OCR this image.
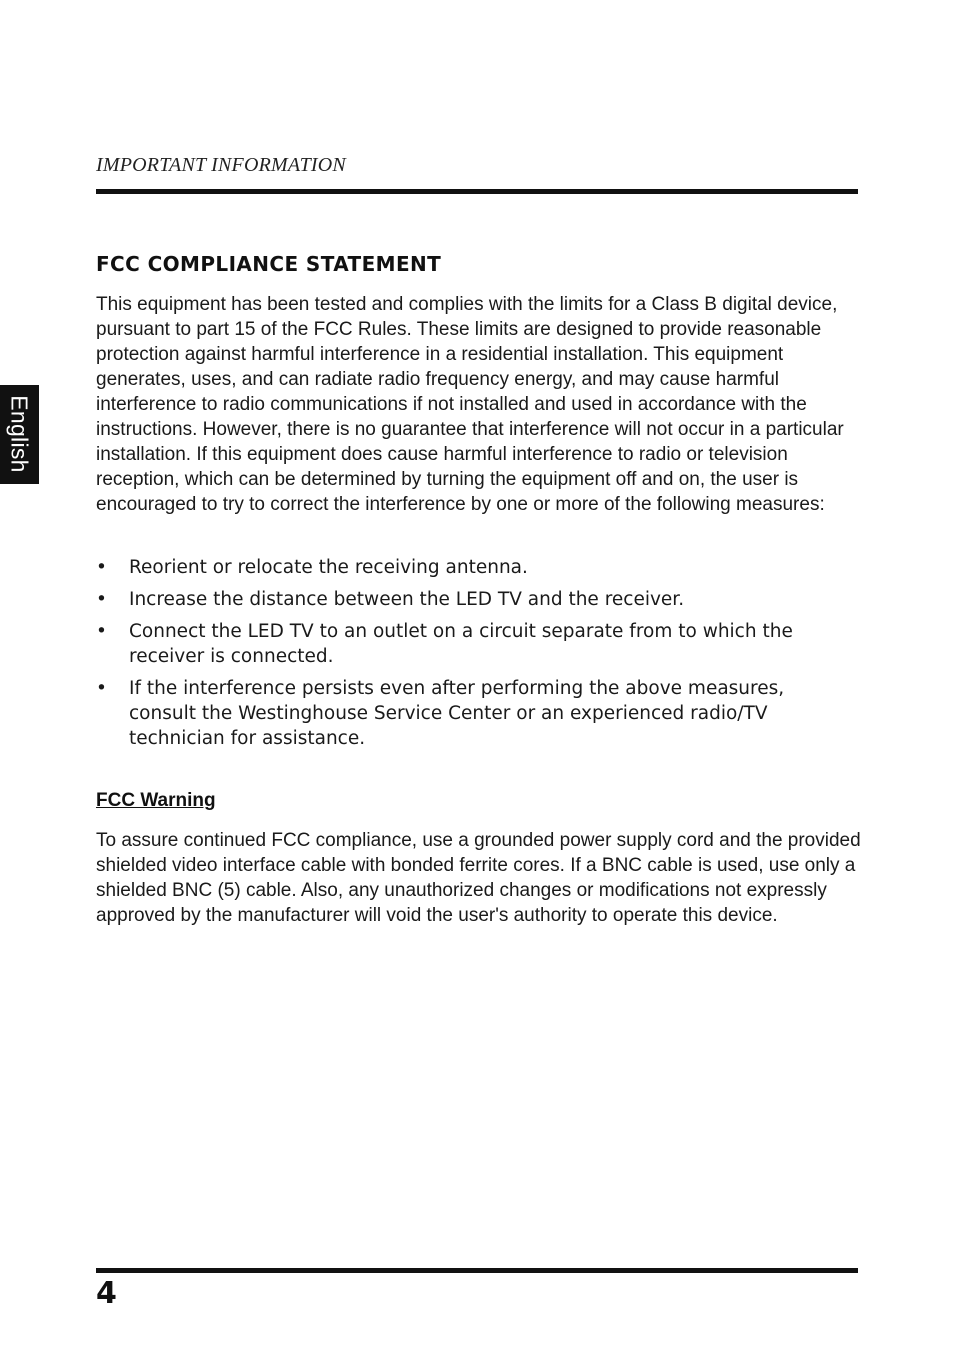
IMPORTANT INFORMATION
English
FCC COMPLIANCE STATEMENT

This equipment has been tested and complies with the limits for a Class B digital device, pursuant to part 15 of the FCC Rules. These limits are designed to provide reasonable protection against harmful interference in a residential installation. This equipment generates, uses, and can radiate radio frequency energy, and may cause harmful interference to radio communications if not installed and used in accordance with the instructions. However, there is no guarantee that interference will not occur in a particular installation. If this equipment does cause harmful interference to radio or television reception, which can be determined by turning the equipment off and on, the user is encouraged to try to correct the interference by one or more of the following measures:

• Reorient or relocate the receiving antenna.
• Increase the distance between the LED TV and the receiver.
• Connect the LED TV to an outlet on a circuit separate from to which the receiver is connected.
• If the interference persists even after performing the above measures, consult the Westinghouse Service Center or an experienced radio/TV technician for assistance.
FCC Warning

To assure continued FCC compliance, use a grounded power supply cord and the provided shielded video interface cable with bonded ferrite cores. If a BNC cable is used, use only a shielded BNC (5) cable. Also, any unauthorized changes or modifications not expressly approved by the manufacturer will void the user's authority to operate this device.

4
